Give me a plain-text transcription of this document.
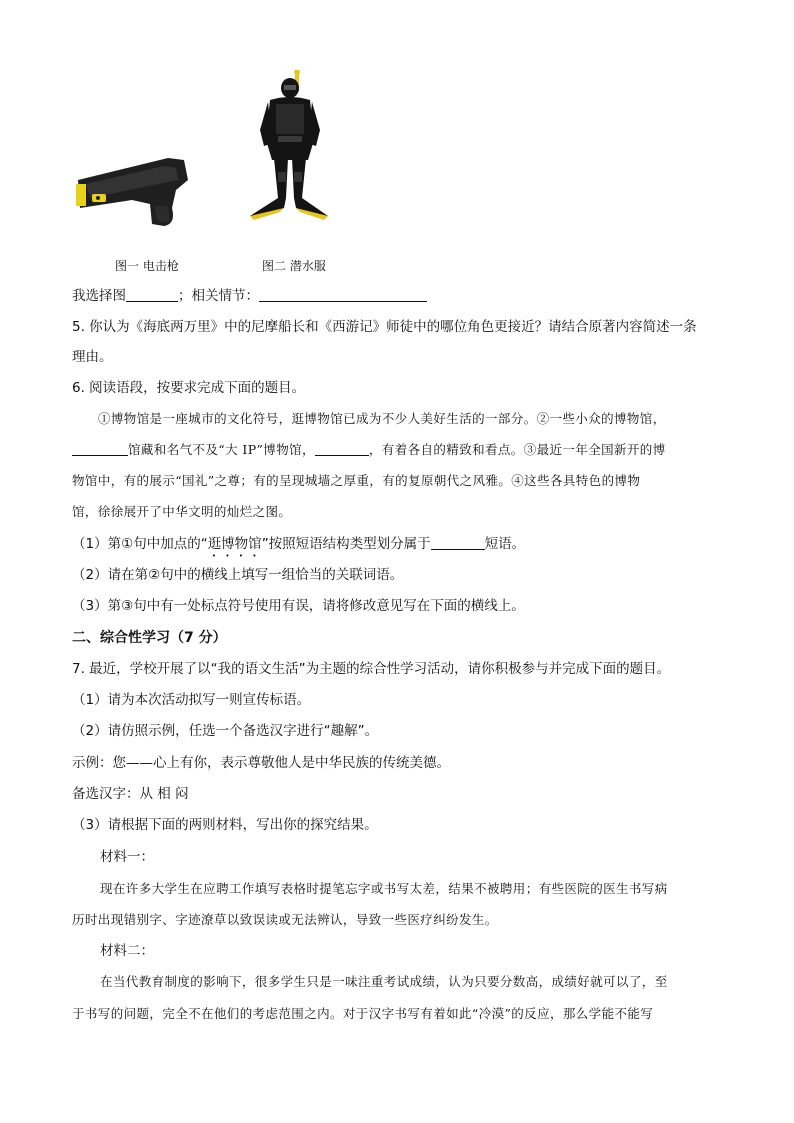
图一 电击枪	图二 潜水服
我选择图	；相关情节：
5. 你认为《海底两万里》中的尼摩船长和《西游记》师徒中的哪位角色更接近？请结合原著内容简述一条
理由。
6. 阅读语段，按要求完成下面的题目。
①博物馆是一座城市的文化符号，逛博物馆已成为不少人美好生活的一部分。②一些小众的博物馆，
馆藏和名气不及“大 IP”博物馆，	，有着各自的精致和看点。③最近一年全国新开的博
物馆中，有的展示“国礼”之尊；有的呈现城墙之厚重，有的复原朝代之风雅。④这些各具特色的博物
馆，徐徐展开了中华文明的灿烂之图。
（1）第①句中加点的“逛博物馆”按照短语结构类型划分属于	短语。
（2）请在第②句中的横线上填写一组恰当的关联词语。
（3）第③句中有一处标点符号使用有误，请将修改意见写在下面的横线上。
二、综合性学习（7 分）
7. 最近，学校开展了以“我的语文生活”为主题的综合性学习活动，请你积极参与并完成下面的题目。
（1）请为本次活动拟写一则宣传标语。
（2）请仿照示例，任选一个备选汉字进行“趣解”。
示例：您——心上有你，表示尊敬他人是中华民族的传统美德。
备选汉字：从 相 闷
（3）请根据下面的两则材料，写出你的探究结果。
材料一：
现在许多大学生在应聘工作填写表格时提笔忘字或书写太差，结果不被聘用；有些医院的医生书写病
历时出现错别字、字迹潦草以致误读或无法辨认，导致一些医疗纠纷发生。
材料二：
在当代教育制度的影响下，很多学生只是一味注重考试成绩，认为只要分数高，成绩好就可以了，至
于书写的问题，完全不在他们的考虑范围之内。对于汉字书写有着如此“冷漠”的反应，那么学能不能写
